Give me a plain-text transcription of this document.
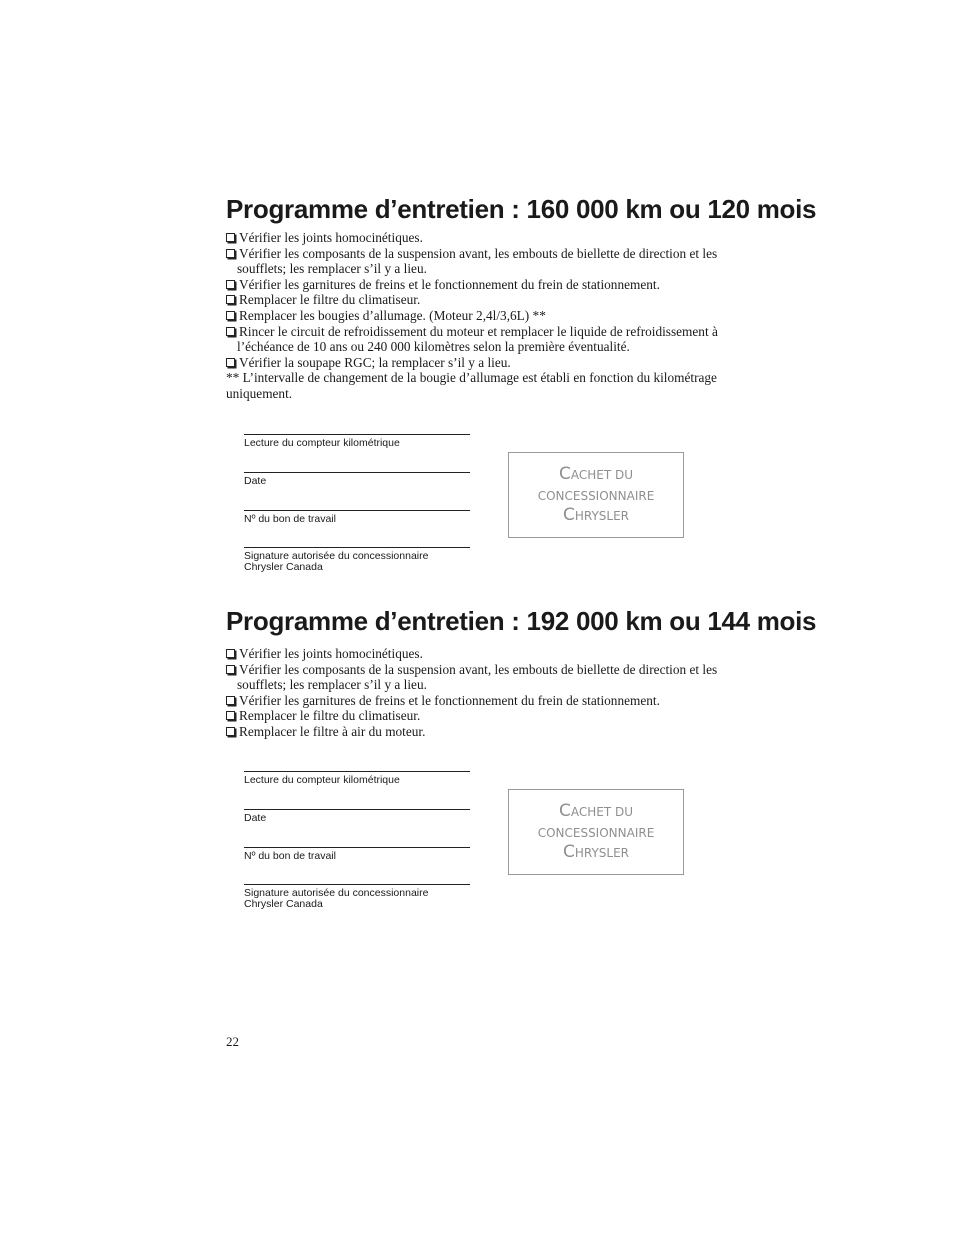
Programme d’entretien : 160 000 km ou 120 mois
Vérifier les joints homocinétiques.
Vérifier les composants de la suspension avant, les embouts de biellette de direction et les soufflets; les remplacer s’il y a lieu.
Vérifier les garnitures de freins et le fonctionnement du frein de stationnement.
Remplacer le filtre du climatiseur.
Remplacer les bougies d’allumage. (Moteur 2,4l/3,6L) **
Rincer le circuit de refroidissement du moteur et remplacer le liquide de refroidissement à l’échéance de 10 ans ou 240 000 kilomètres selon la première éventualité.
Vérifier la soupape RGC; la remplacer s’il y a lieu.

** L’intervalle de changement de la bougie d’allumage est établi en fonction du kilométrage uniquement.

Lecture du compteur kilométrique
Date
Nº du bon de travail
Signature autorisée du concessionnaire
Chrysler Canada
CACHET DU
CONCESSIONNAIRE
CHRYSLER
Programme d’entretien : 192 000 km ou 144 mois
Vérifier les joints homocinétiques.
Vérifier les composants de la suspension avant, les embouts de biellette de direction et les soufflets; les remplacer s’il y a lieu.
Vérifier les garnitures de freins et le fonctionnement du frein de stationnement.
Remplacer le filtre du climatiseur.
Remplacer le filtre à air du moteur.
Lecture du compteur kilométrique
Date
Nº du bon de travail
Signature autorisée du concessionnaire
Chrysler Canada
CACHET DU
CONCESSIONNAIRE
CHRYSLER
22
